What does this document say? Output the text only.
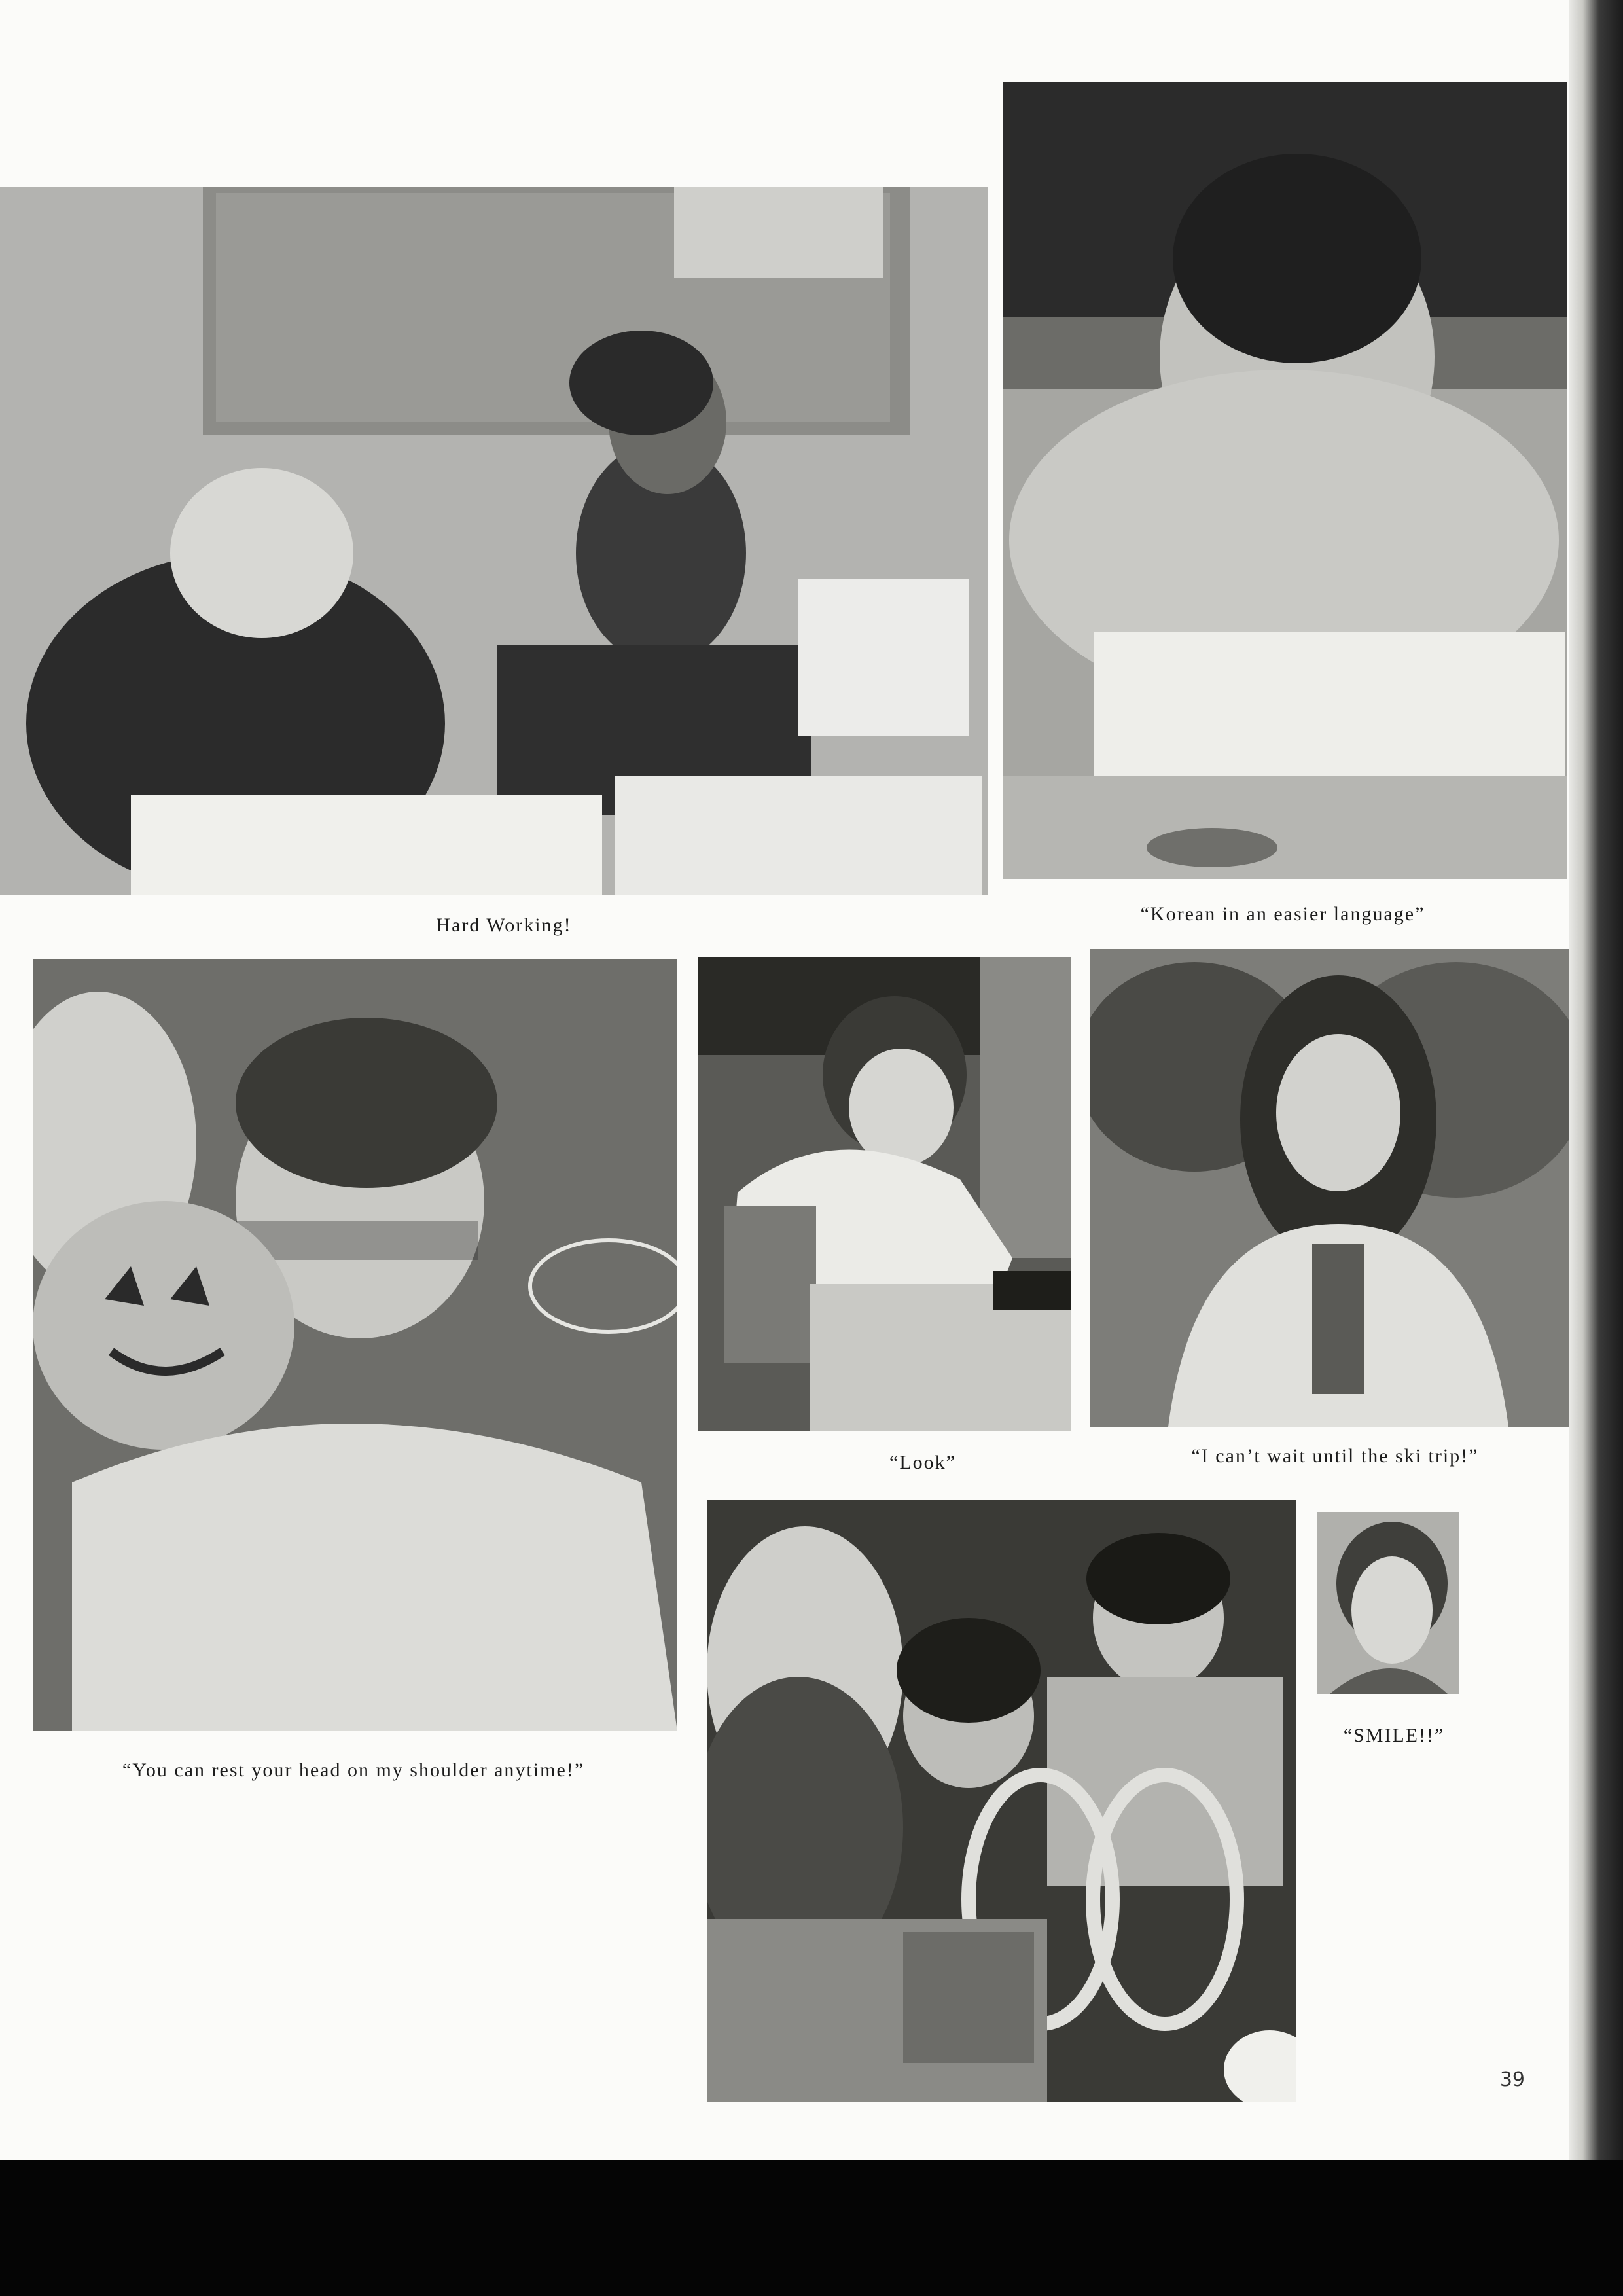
Hard Working!
“Korean in an easier language”
“Look”	“I can’t wait until the ski trip!”
“You can rest your head on my shoulder anytime!”
“SMILE!!”
39
